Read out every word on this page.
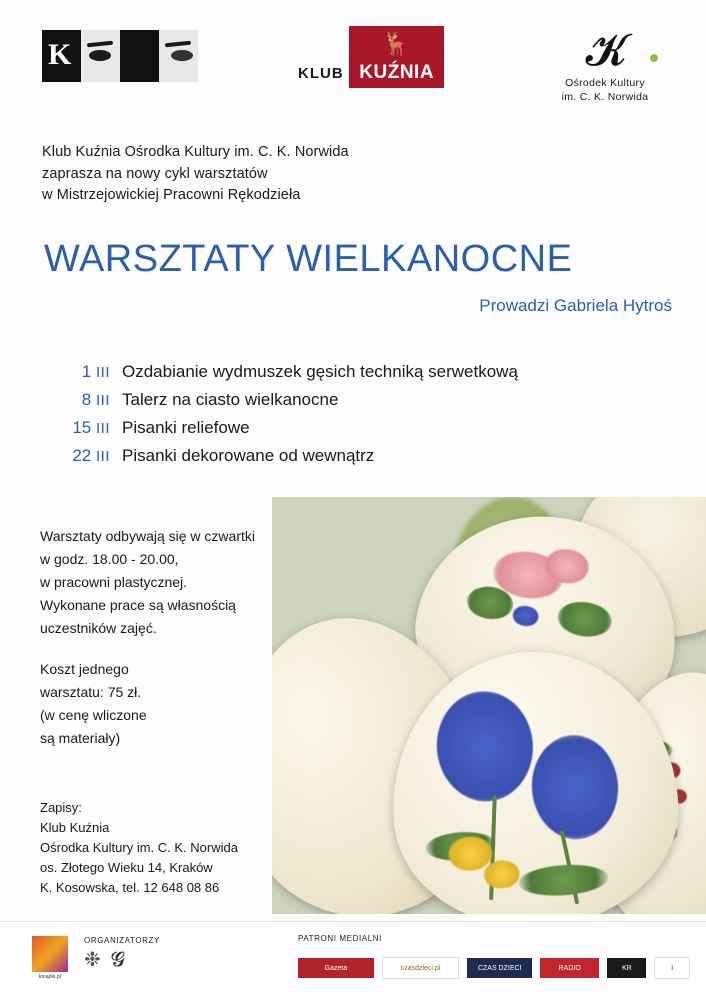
K

KLUB
🦌
KUŹNIA	𝓚
Ośrodek Kultury
im. C. K. Norwida
Klub Kuźnia Ośrodka Kultury im. C. K. Norwida
zaprasza na nowy cykl warsztatów
w Mistrzejowickiej Pracowni Rękodzieła
WARSZTATY WIELKANOCNE
Prowadzi Gabriela Hytroś
1 III Ozdabianie wydmuszek gęsich techniką serwetkową
8 III Talerz na ciasto wielkanocne
15 III Pisanki reliefowe
22 III Pisanki dekorowane od wewnątrz
Warsztaty odbywają się w czwartki
w godz. 18.00 - 20.00,
w pracowni plastycznej.
Wykonane prace są własnością
uczestników zajęć.
Koszt jednego
warsztatu: 75 zł.
(w cenę wliczone
są materiały)
Zapisy:
Klub Kuźnia
Ośrodka Kultury im. C. K. Norwida
os. Złotego Wieku 14, Kraków
K. Kosowska, tel. 12 648 08 86
książki.pl
ORGANIZATORZY
❉ 𝓖
PATRONI MEDIALNI
Gazeta	czasdzieci.pl	CZAS DZIECI	RADIO	KR	i
